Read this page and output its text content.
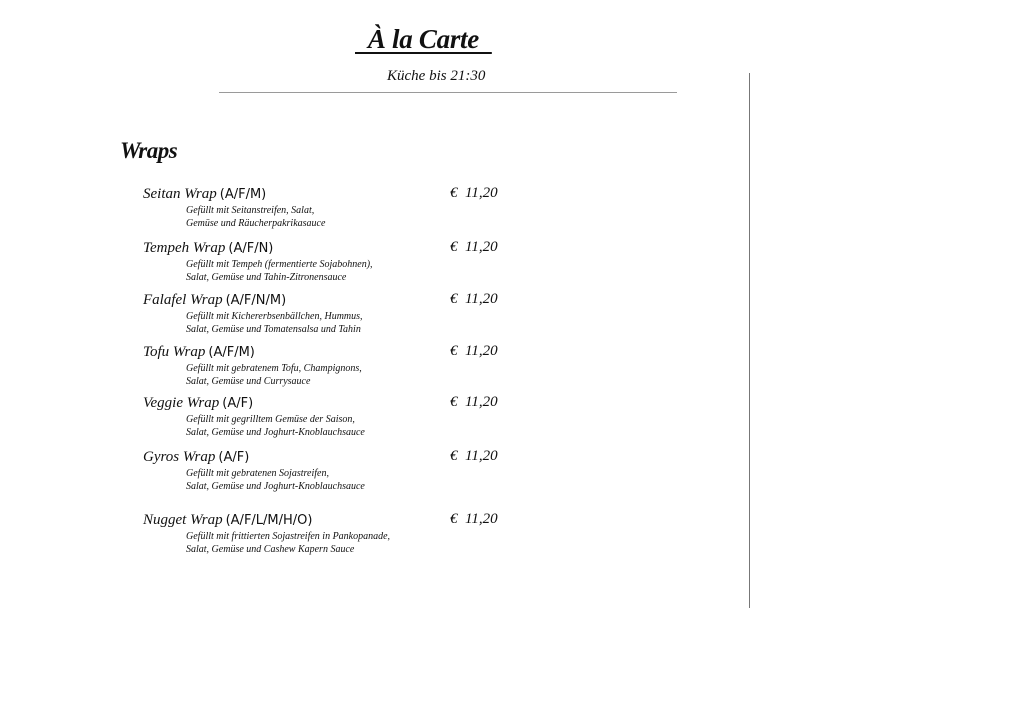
À la Carte
Küche bis 21:30
Wraps
Seitan Wrap (A/F/M)	€  11,20
Gefüllt mit Seitanstreifen, Salat,
Gemüse und Räucherpakrikasauce
Tempeh Wrap (A/F/N)	€  11,20
Gefüllt mit Tempeh (fermentierte Sojabohnen),
Salat, Gemüse und Tahin-Zitronensauce
Falafel Wrap (A/F/N/M)	€  11,20
Gefüllt mit Kichererbsenbällchen, Hummus,
Salat, Gemüse und Tomatensalsa und Tahin
Tofu Wrap (A/F/M)	€  11,20
Gefüllt mit gebratenem Tofu, Champignons,
Salat, Gemüse und Currysauce
Veggie Wrap (A/F)	€  11,20
Gefüllt mit gegrilltem Gemüse der Saison,
Salat, Gemüse und Joghurt-Knoblauchsauce
Gyros Wrap (A/F)	€  11,20
Gefüllt mit gebratenen Sojastreifen,
Salat, Gemüse und Joghurt-Knoblauchsauce
Nugget Wrap (A/F/L/M/H/O)	€  11,20
Gefüllt mit frittierten Sojastreifen in Pankopanade,
Salat, Gemüse und Cashew Kapern Sauce
